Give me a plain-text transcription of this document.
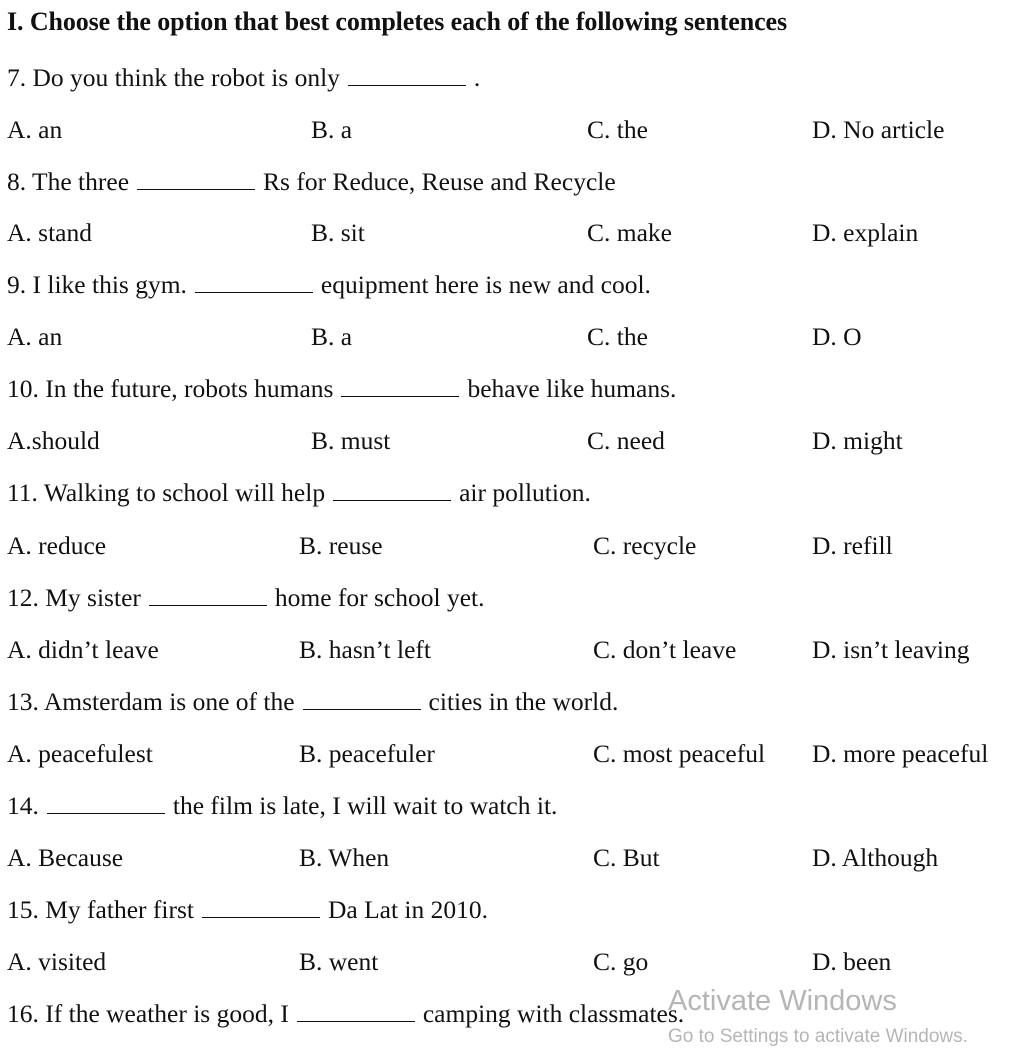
I. Choose the option that best completes each of the following sentences
7. Do you think the robot is only	.
A. an	B. a	C. the	D. No article
8. The three	Rs for Reduce, Reuse and Recycle
A. stand	B. sit	C. make	D. explain
9. I like this gym.	equipment here is new and cool.
A. an	B. a	C. the	D. O
10. In the future, robots humans	behave like humans.
A.should	B. must	C. need	D. might
11. Walking to school will help	air pollution.
A. reduce	B. reuse	C. recycle	D. refill
12. My sister	home for school yet.
A. didn’t leave	B. hasn’t left	C. don’t leave	D. isn’t leaving
13. Amsterdam is one of the	cities in the world.
A. peacefulest	B. peacefuler	C. most peaceful D. more peaceful
14.	the film is late, I will wait to watch it.
A. Because	B. When	C. But	D. Although
15. My father first	Da Lat in 2010.
A. visited	B. went	C. go	D. been
16. If the weather is good, I	camping with classmates.
Activate Windows
Go to Settings to activate Windows.
